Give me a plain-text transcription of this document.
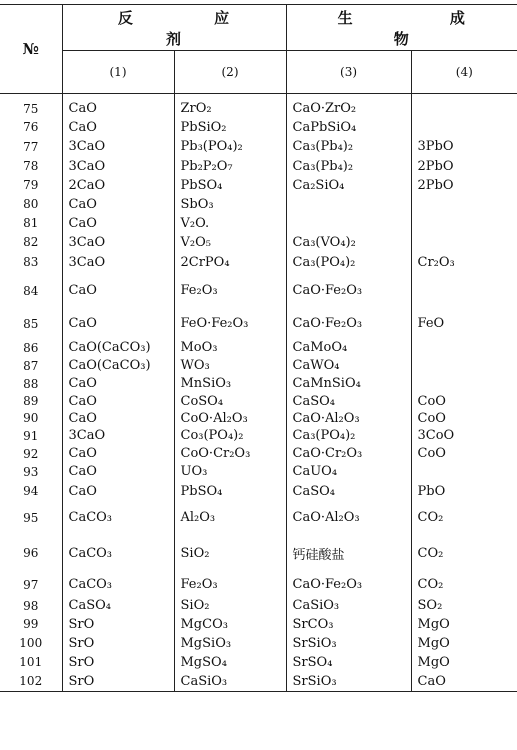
№	反 应 剂		生 成 物	
	(1)	(2)	(3)	(4)
75	CaO	ZrO₂	CaO·ZrO₂	
76	CaO	PbSiO₂	CaPbSiO₄	
77	3CaO	Pb₃(PO₄)₂	Ca₃(Pb₄)₂	3PbO
78	3CaO	Pb₂P₂O₇	Ca₃(Pb₄)₂	2PbO
79	2CaO	PbSO₄	Ca₂SiO₄	2PbO
80	CaO	SbO₃		
81	CaO	V₂O.		
82	3CaO	V₂O₅	Ca₃(VO₄)₂	
83	3CaO	2CrPO₄	Ca₃(PO₄)₂	Cr₂O₃
84	CaO	Fe₂O₃	CaO·Fe₂O₃	
85	CaO	FeO·Fe₂O₃	CaO·Fe₂O₃	FeO
86	CaO(CaCO₃)	MoO₃	CaMoO₄	
87	CaO(CaCO₃)	WO₃	CaWO₄	
88	CaO	MnSiO₃	CaMnSiO₄	
89	CaO	CoSO₄	CaSO₄	CoO
90	CaO	CoO·Al₂O₃	CaO·Al₂O₃	CoO
91	3CaO	Co₃(PO₄)₂	Ca₃(PO₄)₂	3CoO
92	CaO	CoO·Cr₂O₃	CaO·Cr₂O₃	CoO
93	CaO	UO₃	CaUO₄	
94	CaO	PbSO₄	CaSO₄	PbO
95	CaCO₃	Al₂O₃	CaO·Al₂O₃	CO₂
96	CaCO₃	SiO₂	钙硅酸盐	CO₂
97	CaCO₃	Fe₂O₃	CaO·Fe₂O₃	CO₂
98	CaSO₄	SiO₂	CaSiO₃	SO₂
99	SrO	MgCO₃	SrCO₃	MgO
100	SrO	MgSiO₃	SrSiO₃	MgO
101	SrO	MgSO₄	SrSO₄	MgO
102	SrO	CaSiO₃	SrSiO₃	CaO
